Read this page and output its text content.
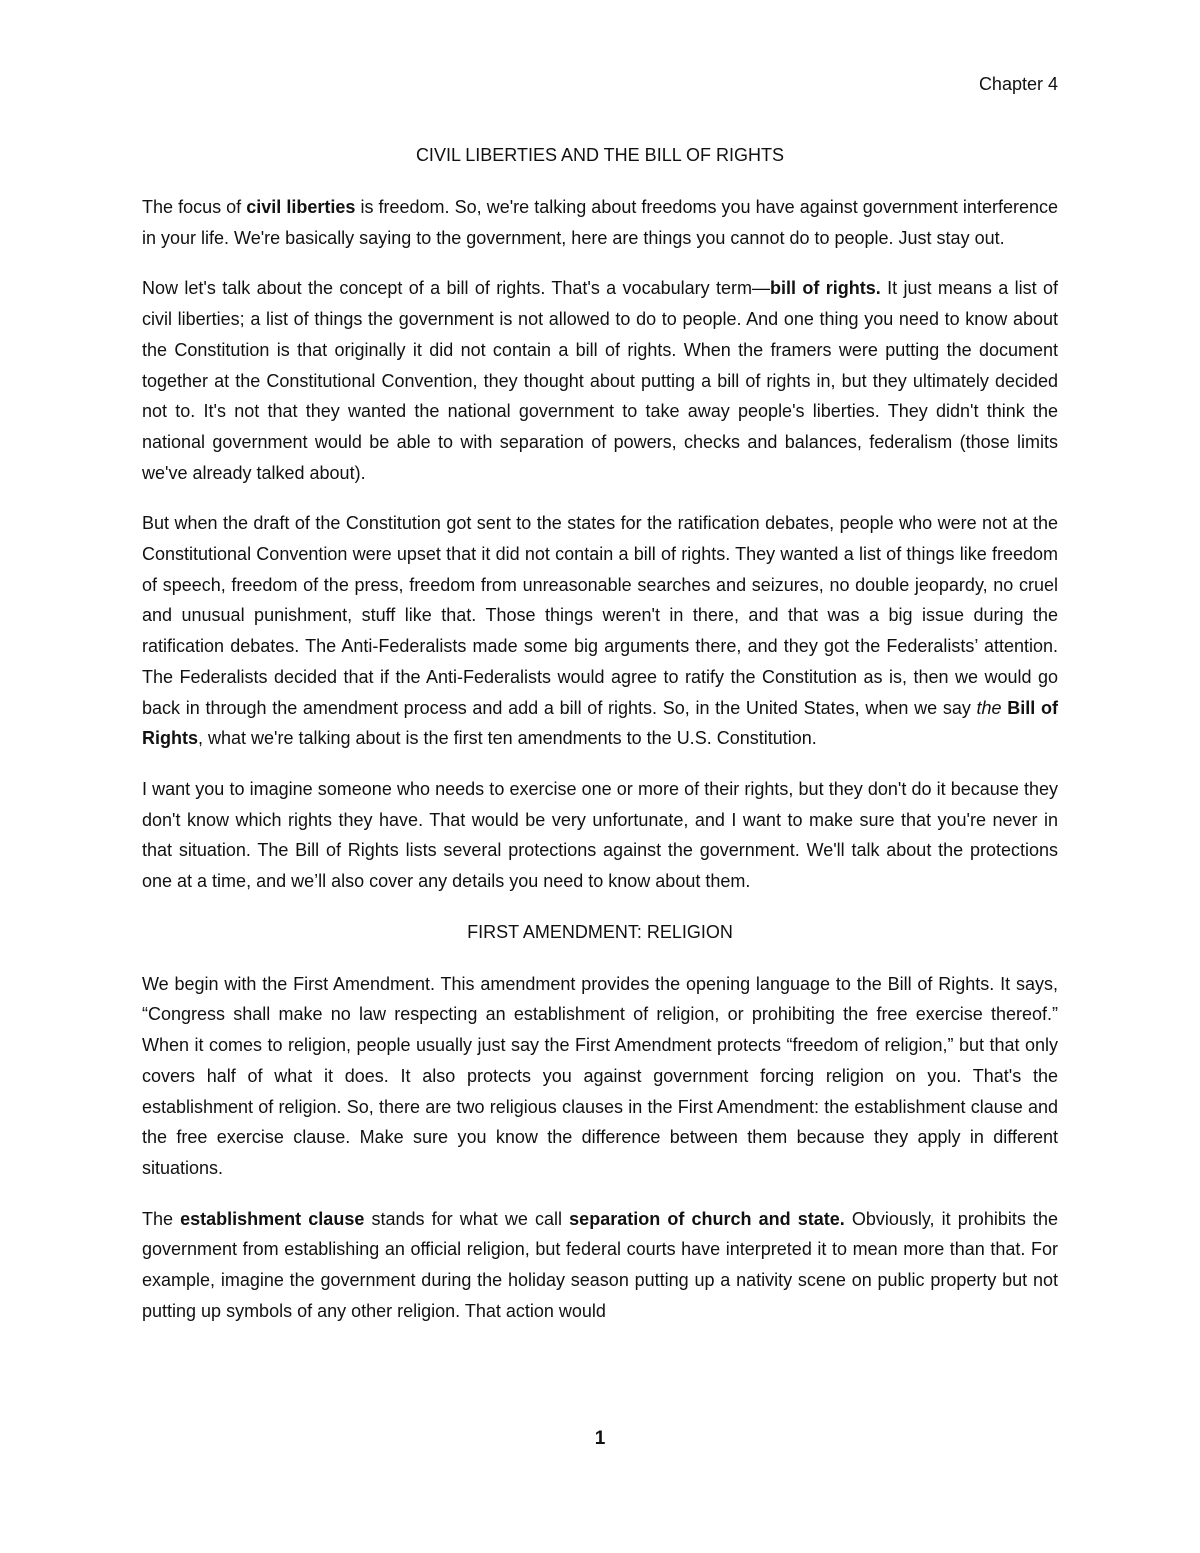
Chapter 4
CIVIL LIBERTIES AND THE BILL OF RIGHTS

The focus of civil liberties is freedom. So, we're talking about freedoms you have against government interference in your life. We're basically saying to the government, here are things you cannot do to people. Just stay out.

Now let's talk about the concept of a bill of rights. That's a vocabulary term—bill of rights. It just means a list of civil liberties; a list of things the government is not allowed to do to people. And one thing you need to know about the Constitution is that originally it did not contain a bill of rights. When the framers were putting the document together at the Constitutional Convention, they thought about putting a bill of rights in, but they ultimately decided not to. It's not that they wanted the national government to take away people's liberties. They didn't think the national government would be able to with separation of powers, checks and balances, federalism (those limits we've already talked about).

But when the draft of the Constitution got sent to the states for the ratification debates, people who were not at the Constitutional Convention were upset that it did not contain a bill of rights. They wanted a list of things like freedom of speech, freedom of the press, freedom from unreasonable searches and seizures, no double jeopardy, no cruel and unusual punishment, stuff like that. Those things weren't in there, and that was a big issue during the ratification debates. The Anti-Federalists made some big arguments there, and they got the Federalists’ attention. The Federalists decided that if the Anti-Federalists would agree to ratify the Constitution as is, then we would go back in through the amendment process and add a bill of rights. So, in the United States, when we say the Bill of Rights, what we're talking about is the first ten amendments to the U.S. Constitution.

I want you to imagine someone who needs to exercise one or more of their rights, but they don't do it because they don't know which rights they have. That would be very unfortunate, and I want to make sure that you're never in that situation. The Bill of Rights lists several protections against the government. We'll talk about the protections one at a time, and we’ll also cover any details you need to know about them.

FIRST AMENDMENT: RELIGION

We begin with the First Amendment. This amendment provides the opening language to the Bill of Rights. It says, “Congress shall make no law respecting an establishment of religion, or prohibiting the free exercise thereof.” When it comes to religion, people usually just say the First Amendment protects “freedom of religion,” but that only covers half of what it does. It also protects you against government forcing religion on you. That's the establishment of religion. So, there are two religious clauses in the First Amendment: the establishment clause and the free exercise clause. Make sure you know the difference between them because they apply in different situations.

The establishment clause stands for what we call separation of church and state. Obviously, it prohibits the government from establishing an official religion, but federal courts have interpreted it to mean more than that. For example, imagine the government during the holiday season putting up a nativity scene on public property but not putting up symbols of any other religion. That action would

1
